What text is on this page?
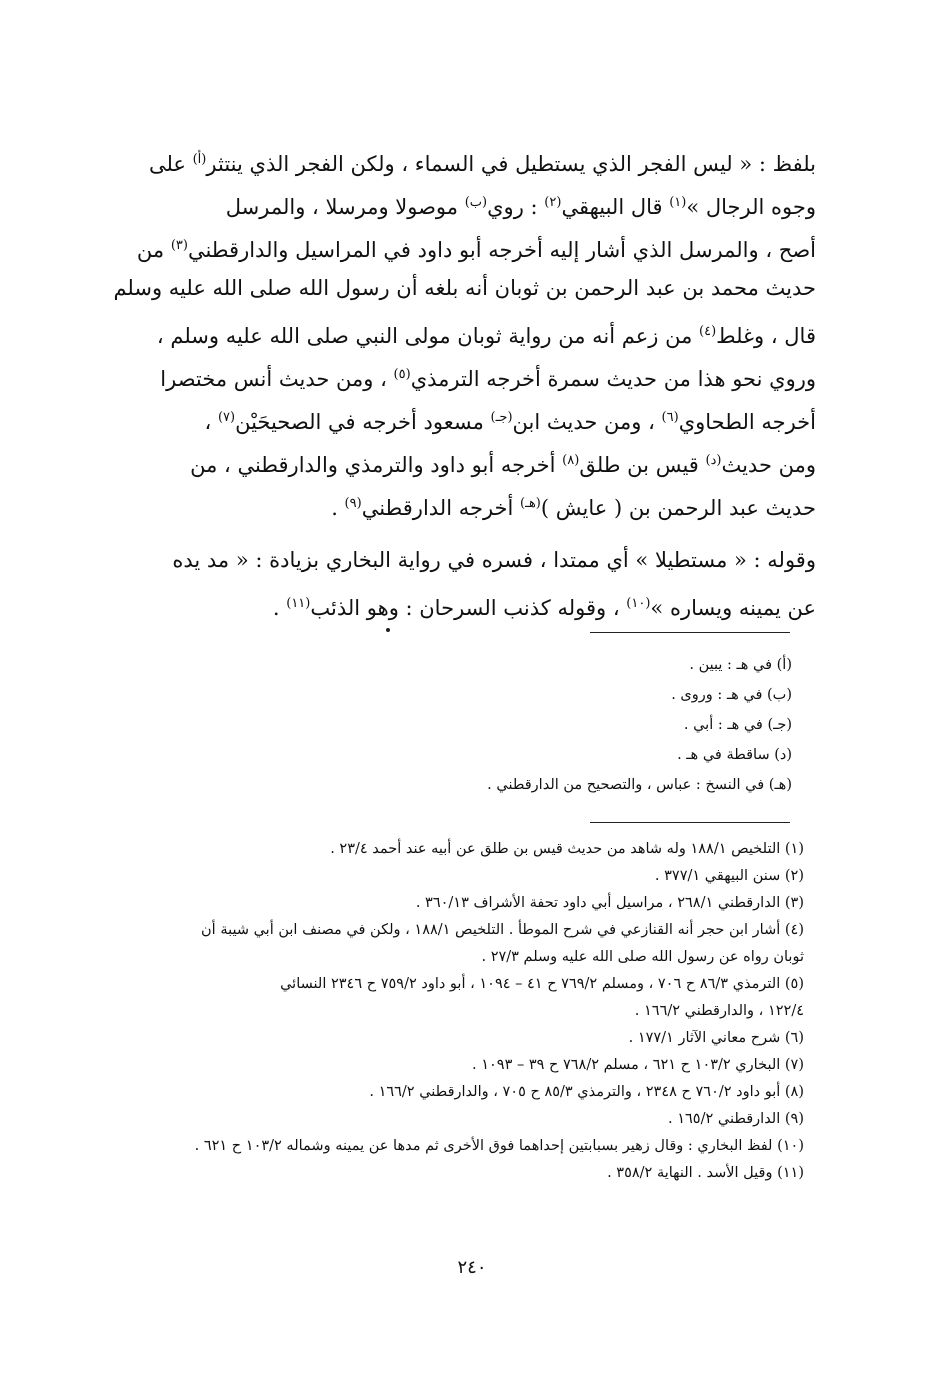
بلفظ : « ليس الفجر الذي يستطيل في السماء ، ولكن الفجر الذي ينتثر$^{(أ)}$ على
وجوه الرجال »$^{(١)}$ قال البيهقي$^{(٢)}$ : روي$^{(ب)}$ موصولا ومرسلا ، والمرسل
أصح ، والمرسل الذي أشار إليه أخرجه أبو داود في المراسيل والدارقطني$^{(٣)}$ من
حديث محمد بن عبد الرحمن بن ثوبان أنه بلغه أن رسول الله صلى الله عليه وسلم
قال ، وغلط$^{(٤)}$ من زعم أنه من رواية ثوبان مولى النبي صلى الله عليه وسلم ،
وروي نحو هذا من حديث سمرة أخرجه الترمذي$^{(٥)}$ ، ومن حديث أنس مختصرا
أخرجه الطحاوي$^{(٦)}$ ، ومن حديث ابن$^{(جـ)}$ مسعود أخرجه في الصحيحَيْن$^{(٧)}$ ،
ومن حديث$^{(د)}$ قيس بن طلق$^{(٨)}$ أخرجه أبو داود والترمذي والدارقطني ، من
حديث عبد الرحمن بن ( عايش )$^{(هـ)}$ أخرجه الدارقطني$^{(٩)}$ .
وقوله : « مستطيلا » أي ممتدا ، فسره في رواية البخاري بزيادة : « مد يده
عن يمينه ويساره »$^{(١٠)}$ ، وقوله كذنب السرحان : وهو الذئب$^{(١١)}$ .
(أ) في هـ : يبين .
(ب) في هـ : وروى .
(جـ) في هـ : أبي .
(د) ساقطة في هـ .
(هـ) في النسخ : عباس ، والتصحيح من الدارقطني .
(١) التلخيص ١٨٨/١ وله شاهد من حديث قيس بن طلق عن أبيه عند أحمد ٢٣/٤ .
(٢) سنن البيهقي ٣٧٧/١ .
(٣) الدارقطني ٢٦٨/١ ، مراسيل أبي داود تحفة الأشراف ٣٦٠/١٣ .
(٤) أشار ابن حجر أنه القنازعي في شرح الموطأ . التلخيص ١٨٨/١ ، ولكن في مصنف ابن أبي شيبة أن
ثوبان رواه عن رسول الله صلى الله عليه وسلم ٢٧/٣ .
(٥) الترمذي ٨٦/٣ ح ٧٠٦ ، ومسلم ٧٦٩/٢ ح ٤١ – ١٠٩٤ ، أبو داود ٧٥٩/٢ ح ٢٣٤٦ النسائي
١٢٢/٤ ، والدارقطني ١٦٦/٢ .
(٦) شرح معاني الآثار ١٧٧/١ .
(٧) البخاري ١٠٣/٢ ح ٦٢١ ، مسلم ٧٦٨/٢ ح ٣٩ – ١٠٩٣ .
(٨) أبو داود ٧٦٠/٢ ح ٢٣٤٨ ، والترمذي ٨٥/٣ ح ٧٠٥ ، والدارقطني ١٦٦/٢ .
(٩) الدارقطني ١٦٥/٢ .
(١٠) لفظ البخاري : وقال زهير بسبابتين إحداهما فوق الأخرى ثم مدها عن يمينه وشماله ١٠٣/٢ ح ٦٢١ .
(١١) وقيل الأسد . النهاية ٣٥٨/٢ .
٢٤٠
